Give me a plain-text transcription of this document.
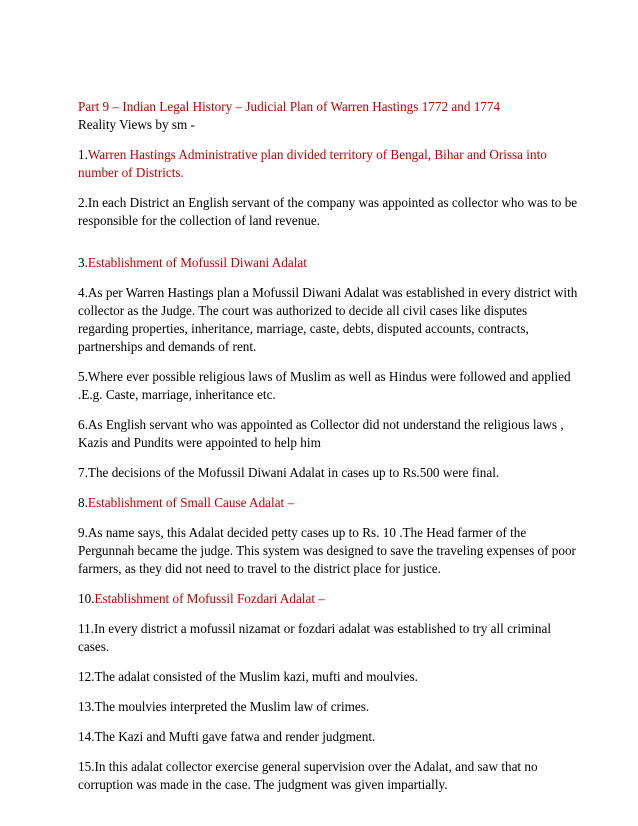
Part 9 – Indian Legal History – Judicial Plan of Warren Hastings 1772 and 1774

Reality Views by sm -

1.Warren Hastings Administrative plan divided territory of Bengal, Bihar and Orissa into number of Districts.

2.In each District an English servant of the company was appointed as collector who was to be responsible for the collection of land revenue.

3.Establishment of Mofussil Diwani Adalat

4.As per Warren Hastings plan a Mofussil Diwani Adalat was established in every district with collector as the Judge. The court was authorized to decide all civil cases like disputes regarding properties, inheritance, marriage, caste, debts, disputed accounts, contracts, partnerships and demands of rent.

5.Where ever possible religious laws of Muslim as well as Hindus were followed and applied .E.g. Caste, marriage, inheritance etc.

6.As English servant who was appointed as Collector did not understand the religious laws , Kazis and Pundits were appointed to help him

7.The decisions of the Mofussil Diwani Adalat in cases up to Rs.500 were final.

8.Establishment of Small Cause Adalat –

9.As name says, this Adalat decided petty cases up to Rs. 10 .The Head farmer of the Pergunnah became the judge. This system was designed to save the traveling expenses of poor farmers, as they did not need to travel to the district place for justice.

10.Establishment of Mofussil Fozdari Adalat –

11.In every district a mofussil nizamat or fozdari adalat was established to try all criminal cases.

12.The adalat consisted of the Muslim kazi, mufti and moulvies.

13.The moulvies interpreted the Muslim law of crimes.

14.The Kazi and Mufti gave fatwa and render judgment.

15.In this adalat collector exercise general supervision over the Adalat, and saw that no corruption was made in the case. The judgment was given impartially.
